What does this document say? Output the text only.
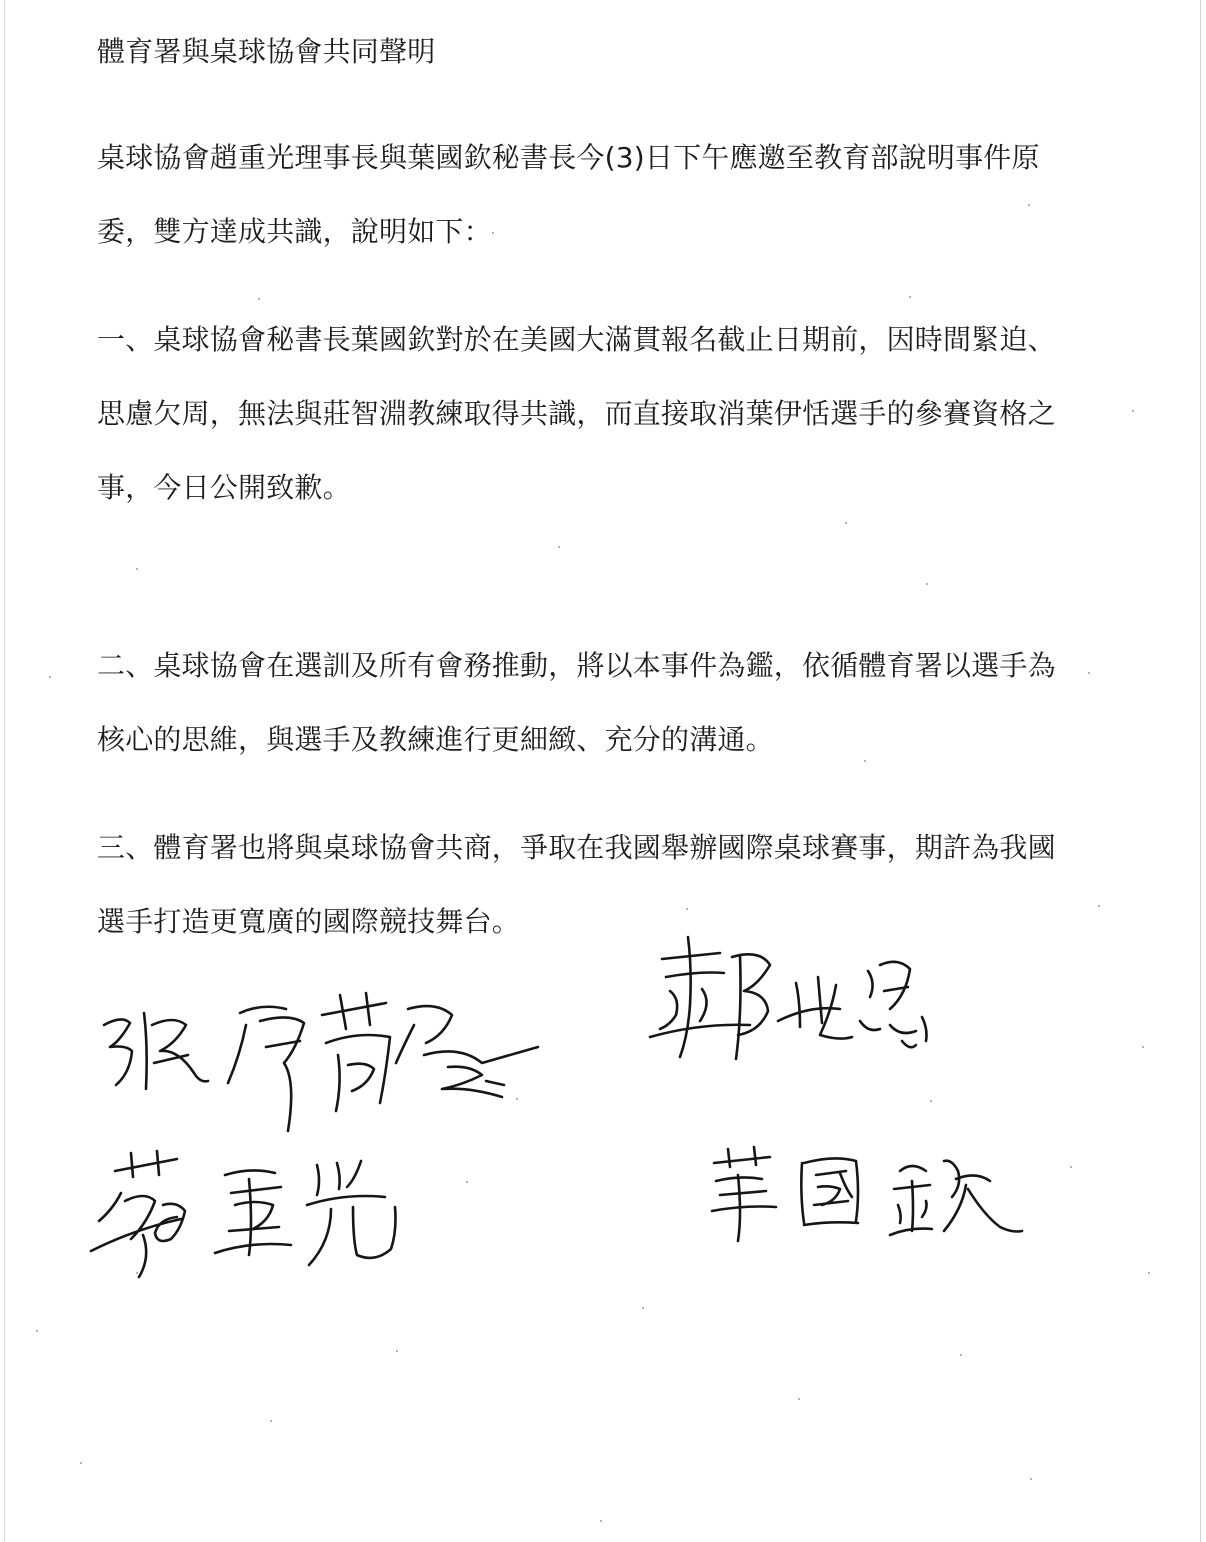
體育署與桌球協會共同聲明
桌球協會趙重光理事長與葉國欽秘書長今(3)日下午應邀至教育部說明事件原
委，雙方達成共識，說明如下：
一、桌球協會秘書長葉國欽對於在美國大滿貫報名截止日期前，因時間緊迫、
思慮欠周，無法與莊智淵教練取得共識，而直接取消葉伊恬選手的參賽資格之
事，今日公開致歉。
二、桌球協會在選訓及所有會務推動，將以本事件為鑑，依循體育署以選手為
核心的思維，與選手及教練進行更細緻、充分的溝通。
三、體育署也將與桌球協會共商，爭取在我國舉辦國際桌球賽事，期許為我國
選手打造更寬廣的國際競技舞台。
